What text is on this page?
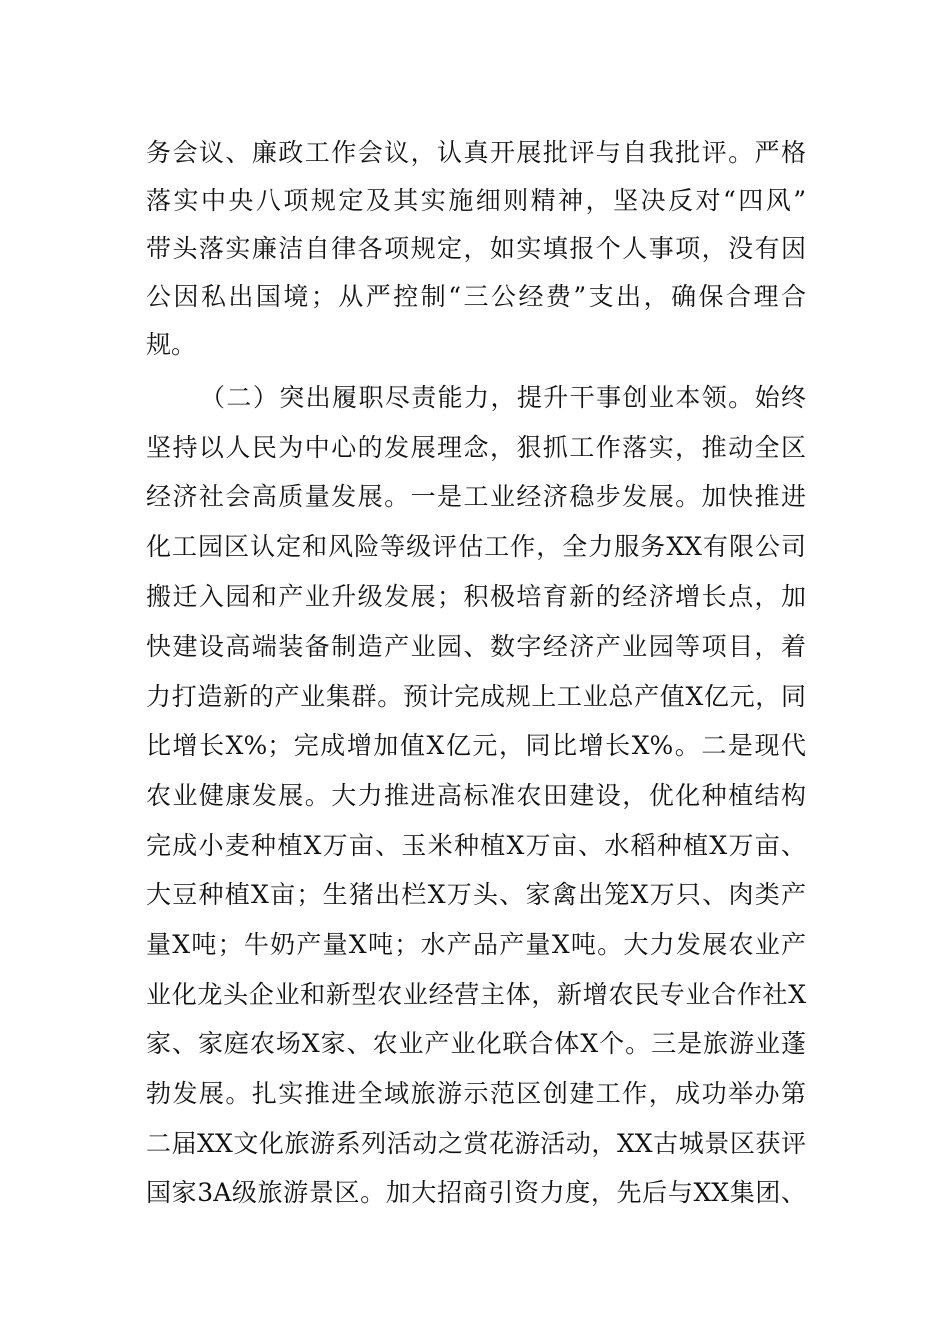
务会议、廉政工作会议，认真开展批评与自我批评。严格
落实中央八项规定及其实施细则精神，坚决反对“四风”
带头落实廉洁自律各项规定，如实填报个人事项，没有因
公因私出国境；从严控制“三公经费”支出，确保合理合
规。
（二）突出履职尽责能力，提升干事创业本领。始终
坚持以人民为中心的发展理念，狠抓工作落实，推动全区
经济社会高质量发展。一是工业经济稳步发展。加快推进
化工园区认定和风险等级评估工作，全力服务XX有限公司
搬迁入园和产业升级发展；积极培育新的经济增长点，加
快建设高端装备制造产业园、数字经济产业园等项目，着
力打造新的产业集群。预计完成规上工业总产值X亿元，同
比增长X%；完成增加值X亿元，同比增长X%。二是现代
农业健康发展。大力推进高标准农田建设，优化种植结构
完成小麦种植X万亩、玉米种植X万亩、水稻种植X万亩、
大豆种植X亩；生猪出栏X万头、家禽出笼X万只、肉类产
量X吨；牛奶产量X吨；水产品产量X吨。大力发展农业产
业化龙头企业和新型农业经营主体，新增农民专业合作社X
家、家庭农场X家、农业产业化联合体X个。三是旅游业蓬
勃发展。扎实推进全域旅游示范区创建工作，成功举办第
二届XX文化旅游系列活动之赏花游活动，XX古城景区获评
国家3A级旅游景区。加大招商引资力度，先后与XX集团、
